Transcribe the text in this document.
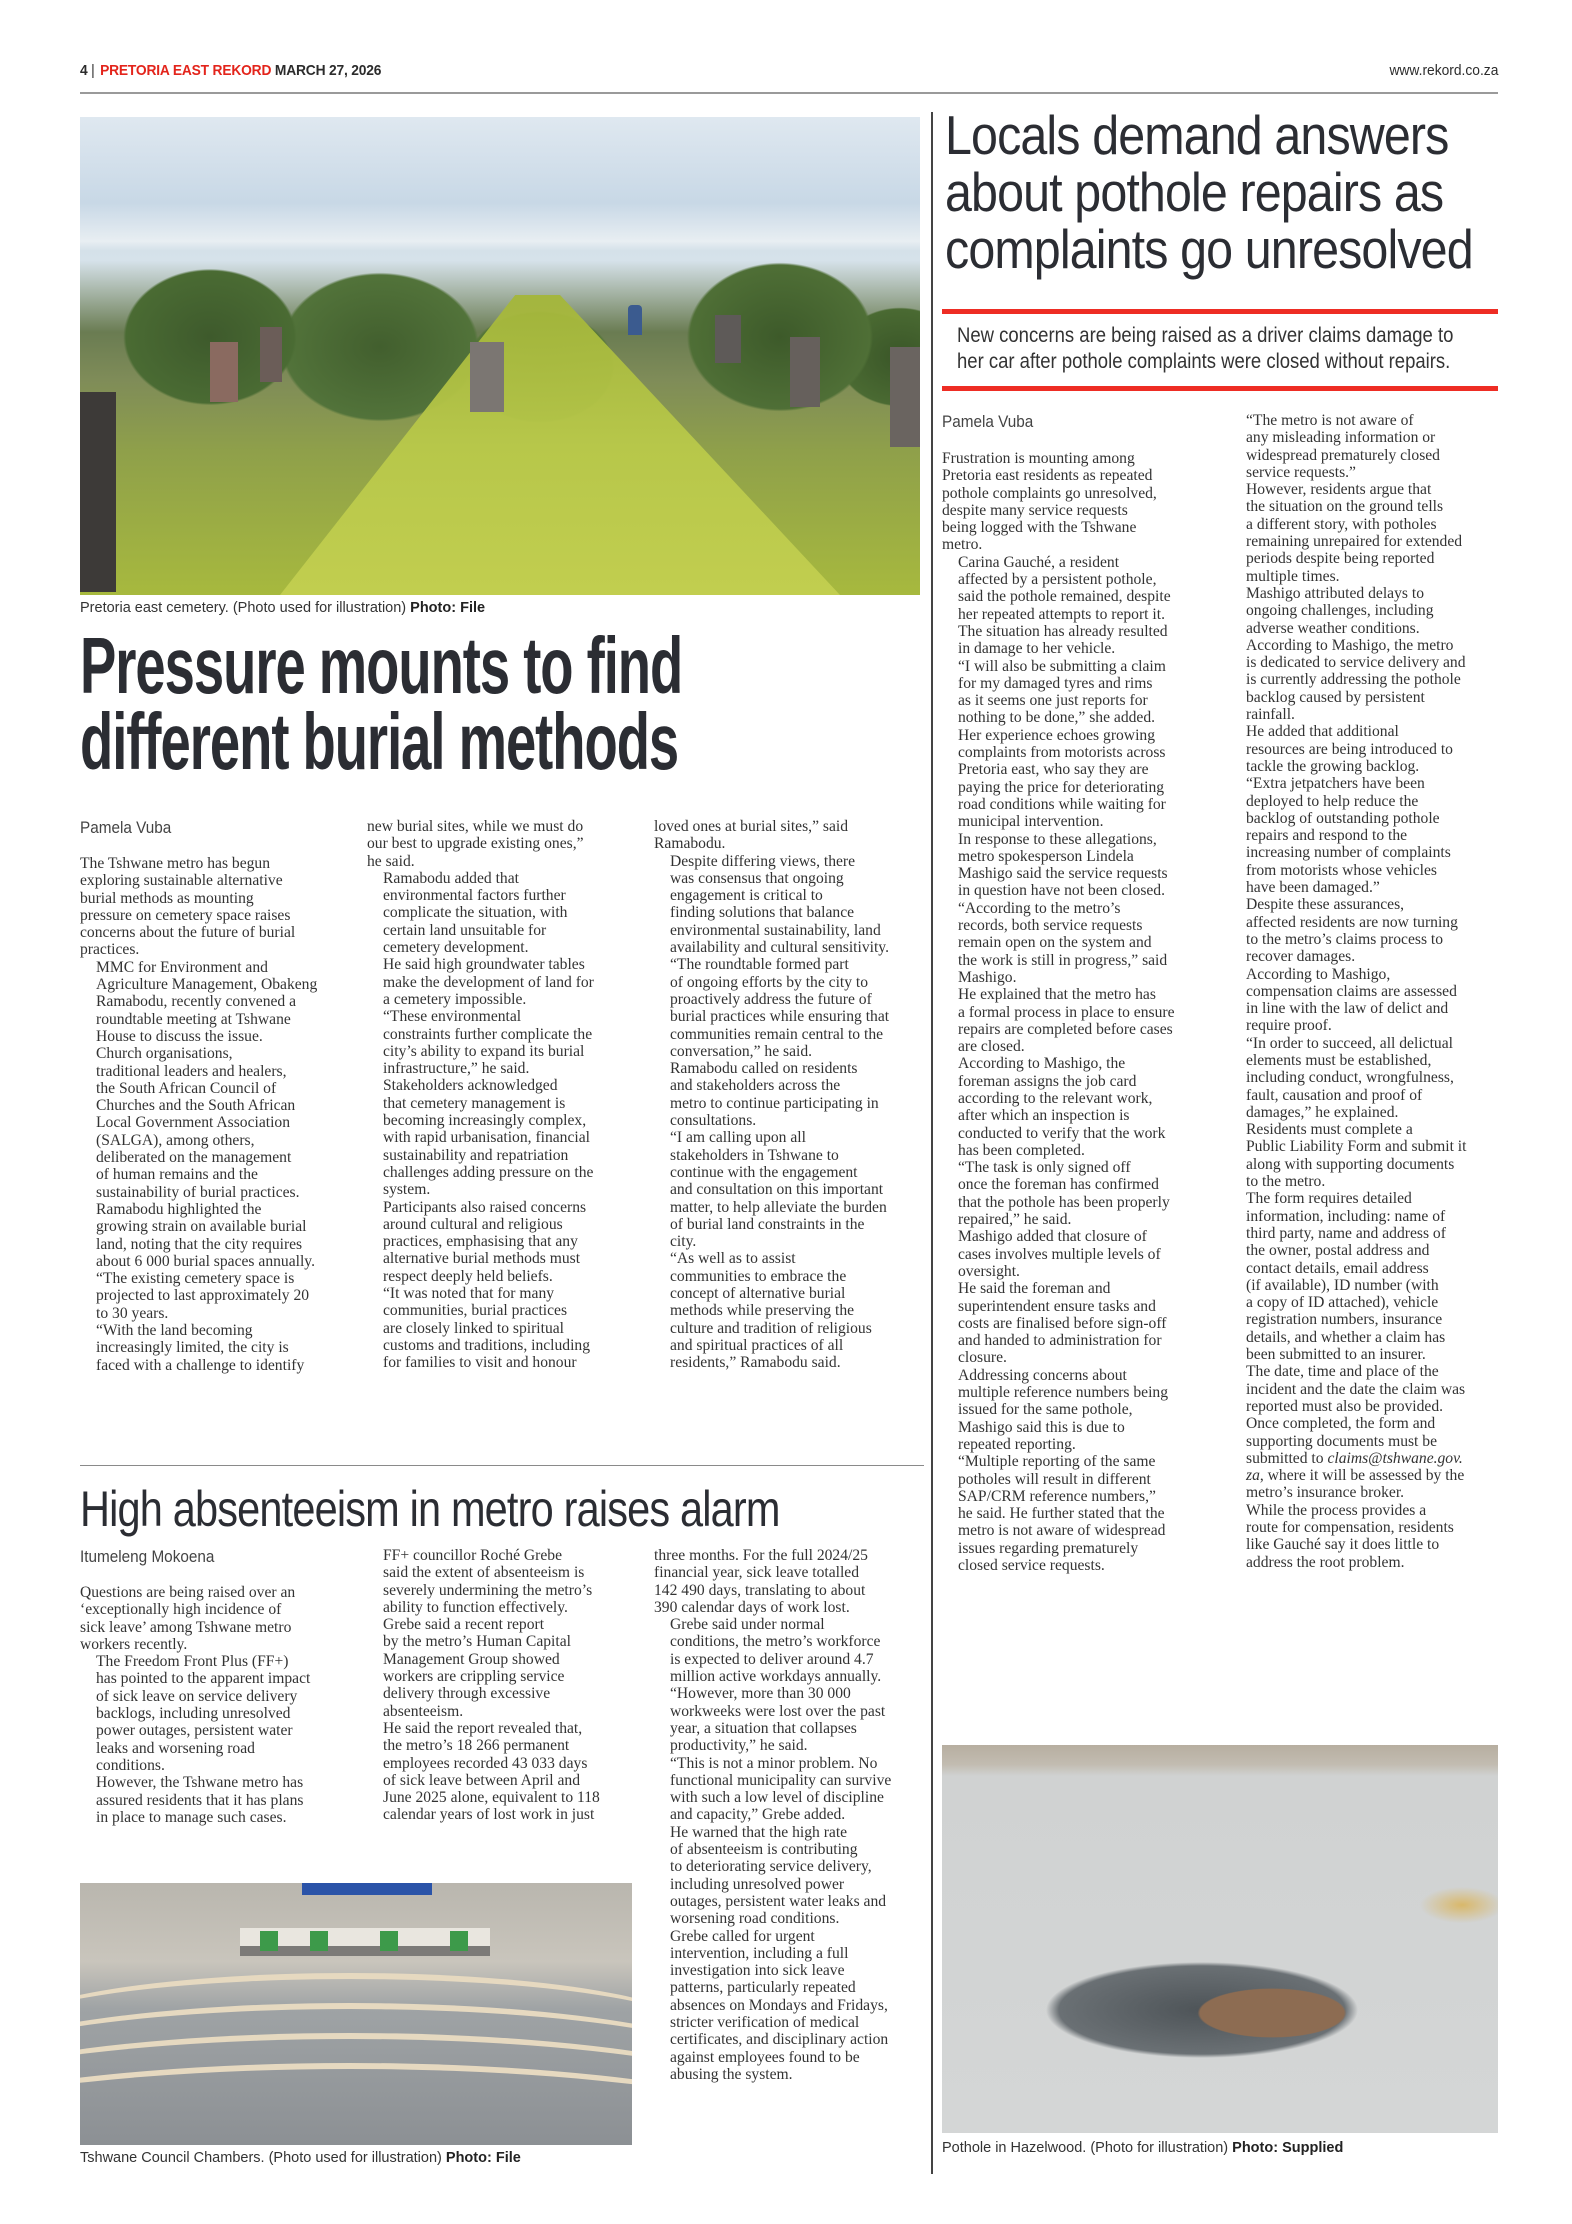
4 | PRETORIA EAST REKORD MARCH 27, 2026	www.rekord.co.za
Pretoria east cemetery. (Photo used for illustration) Photo: File
Pressure mounts to find
different burial methods
Pamela Vuba

The Tshwane metro has begun
exploring sustainable alternative
burial methods as mounting
pressure on cemetery space raises
concerns about the future of burial
practices.

MMC for Environment and
Agriculture Management, Obakeng
Ramabodu, recently convened a
roundtable meeting at Tshwane
House to discuss the issue.

Church organisations,
traditional leaders and healers,
the South African Council of
Churches and the South African
Local Government Association
(SALGA), among others,
deliberated on the management
of human remains and the
sustainability of burial practices.

Ramabodu highlighted the
growing strain on available burial
land, noting that the city requires
about 6 000 burial spaces annually.

“The existing cemetery space is
projected to last approximately 20
to 30 years.

“With the land becoming
increasingly limited, the city is
faced with a challenge to identify

new burial sites, while we must do
our best to upgrade existing ones,”
he said.

Ramabodu added that
environmental factors further
complicate the situation, with
certain land unsuitable for
cemetery development.

He said high groundwater tables
make the development of land for
a cemetery impossible.

“These environmental
constraints further complicate the
city’s ability to expand its burial
infrastructure,” he said.

Stakeholders acknowledged
that cemetery management is
becoming increasingly complex,
with rapid urbanisation, financial
sustainability and repatriation
challenges adding pressure on the
system.

Participants also raised concerns
around cultural and religious
practices, emphasising that any
alternative burial methods must
respect deeply held beliefs.

“It was noted that for many
communities, burial practices
are closely linked to spiritual
customs and traditions, including
for families to visit and honour

loved ones at burial sites,” said
Ramabodu.

Despite differing views, there
was consensus that ongoing
engagement is critical to
finding solutions that balance
environmental sustainability, land
availability and cultural sensitivity.

“The roundtable formed part
of ongoing efforts by the city to
proactively address the future of
burial practices while ensuring that
communities remain central to the
conversation,” he said.

Ramabodu called on residents
and stakeholders across the
metro to continue participating in
consultations.

“I am calling upon all
stakeholders in Tshwane to
continue with the engagement
and consultation on this important
matter, to help alleviate the burden
of burial land constraints in the
city.

“As well as to assist
communities to embrace the
concept of alternative burial
methods while preserving the
culture and tradition of religious
and spiritual practices of all
residents,” Ramabodu said.

High absenteeism in metro raises alarm
Itumeleng Mokoena

Questions are being raised over an
‘exceptionally high incidence of
sick leave’ among Tshwane metro
workers recently.

The Freedom Front Plus (FF+)
has pointed to the apparent impact
of sick leave on service delivery
backlogs, including unresolved
power outages, persistent water
leaks and worsening road
conditions.

However, the Tshwane metro has
assured residents that it has plans
in place to manage such cases.

FF+ councillor Roché Grebe
said the extent of absenteeism is
severely undermining the metro’s
ability to function effectively.

Grebe said a recent report
by the metro’s Human Capital
Management Group showed
workers are crippling service
delivery through excessive
absenteeism.

He said the report revealed that,
the metro’s 18 266 permanent
employees recorded 43 033 days
of sick leave between April and
June 2025 alone, equivalent to 118
calendar years of lost work in just

three months. For the full 2024/25
financial year, sick leave totalled
142 490 days, translating to about
390 calendar days of work lost.

Grebe said under normal
conditions, the metro’s workforce
is expected to deliver around 4.7
million active workdays annually.

“However, more than 30 000
workweeks were lost over the past
year, a situation that collapses
productivity,” he said.

“This is not a minor problem. No
functional municipality can survive
with such a low level of discipline
and capacity,” Grebe added.

He warned that the high rate
of absenteeism is contributing
to deteriorating service delivery,
including unresolved power
outages, persistent water leaks and
worsening road conditions.

Grebe called for urgent
intervention, including a full
investigation into sick leave
patterns, particularly repeated
absences on Mondays and Fridays,
stricter verification of medical
certificates, and disciplinary action
against employees found to be
abusing the system.

Tshwane Council Chambers. (Photo used for illustration) Photo: File
Locals demand answers
about pothole repairs as
complaints go unresolved
New concerns are being raised as a driver claims damage to
her car after pothole complaints were closed without repairs.
Pamela Vuba

Frustration is mounting among
Pretoria east residents as repeated
pothole complaints go unresolved,
despite many service requests
being logged with the Tshwane
metro.

Carina Gauché, a resident
affected by a persistent pothole,
said the pothole remained, despite
her repeated attempts to report it.
The situation has already resulted
in damage to her vehicle.

“I will also be submitting a claim
for my damaged tyres and rims
as it seems one just reports for
nothing to be done,” she added.

Her experience echoes growing
complaints from motorists across
Pretoria east, who say they are
paying the price for deteriorating
road conditions while waiting for
municipal intervention.

In response to these allegations,
metro spokesperson Lindela
Mashigo said the service requests
in question have not been closed.

“According to the metro’s
records, both service requests
remain open on the system and
the work is still in progress,” said
Mashigo.

He explained that the metro has
a formal process in place to ensure
repairs are completed before cases
are closed.

According to Mashigo, the
foreman assigns the job card
according to the relevant work,
after which an inspection is
conducted to verify that the work
has been completed.

“The task is only signed off
once the foreman has confirmed
that the pothole has been properly
repaired,” he said.

Mashigo added that closure of
cases involves multiple levels of
oversight.

He said the foreman and
superintendent ensure tasks and
costs are finalised before sign-off
and handed to administration for
closure.

Addressing concerns about
multiple reference numbers being
issued for the same pothole,
Mashigo said this is due to
repeated reporting.

“Multiple reporting of the same
potholes will result in different
SAP/CRM reference numbers,”
he said. He further stated that the
metro is not aware of widespread
issues regarding prematurely
closed service requests.

“The metro is not aware of
any misleading information or
widespread prematurely closed
service requests.”

However, residents argue that
the situation on the ground tells
a different story, with potholes
remaining unrepaired for extended
periods despite being reported
multiple times.

Mashigo attributed delays to
ongoing challenges, including
adverse weather conditions.

According to Mashigo, the metro
is dedicated to service delivery and
is currently addressing the pothole
backlog caused by persistent
rainfall.

He added that additional
resources are being introduced to
tackle the growing backlog.

“Extra jetpatchers have been
deployed to help reduce the
backlog of outstanding pothole
repairs and respond to the
increasing number of complaints
from motorists whose vehicles
have been damaged.”

Despite these assurances,
affected residents are now turning
to the metro’s claims process to
recover damages.

According to Mashigo,
compensation claims are assessed
in line with the law of delict and
require proof.

“In order to succeed, all delictual
elements must be established,
including conduct, wrongfulness,
fault, causation and proof of
damages,” he explained.

Residents must complete a
Public Liability Form and submit it
along with supporting documents
to the metro.

The form requires detailed
information, including: name of
third party, name and address of
the owner, postal address and
contact details, email address
(if available), ID number (with
a copy of ID attached), vehicle
registration numbers, insurance
details, and whether a claim has
been submitted to an insurer.

The date, time and place of the
incident and the date the claim was
reported must also be provided.

Once completed, the form and
supporting documents must be
submitted to claims@tshwane.gov.
za, where it will be assessed by the
metro’s insurance broker.

While the process provides a
route for compensation, residents
like Gauché say it does little to
address the root problem.

Pothole in Hazelwood. (Photo for illustration) Photo: Supplied
